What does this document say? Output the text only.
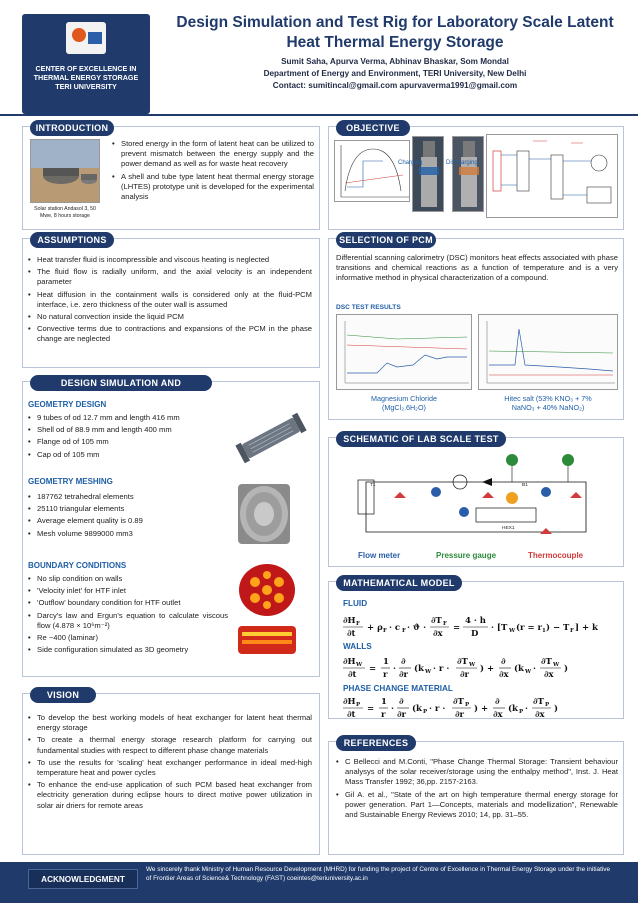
CENTER OF EXCELLENCE IN THERMAL ENERGY STORAGE TERI UNIVERSITY
Design Simulation and Test Rig for Laboratory Scale Latent Heat Thermal Energy Storage
Sumit Saha, Apurva Verma, Abhinav Bhaskar, Som Mondal
Department of Energy and Environment, TERI University, New Delhi
Contact: sumitincal@gmail.com apurvaverma1991@gmail.com
INTRODUCTION
Solar station Andasol 3, 50 Mwe, 8 hours storage
• Stored energy in the form of latent heat can be utilized to prevent mismatch between the energy supply and the power demand as well as for waste heat recovery
• A shell and tube type latent heat thermal energy storage (LHTES) prototype unit is developed for the experimental analysis
OBJECTIVE
Charging	Discharging
ASSUMPTIONS
• Heat transfer fluid is incompressible and viscous heating is neglected
• The fluid flow is radially uniform, and the axial velocity is an independent parameter
• Heat diffusion in the containment walls is considered only at the fluid-PCM interface, i.e. zero thickness of the outer wall is assumed
• No natural convection inside the liquid PCM
• Convective terms due to contractions and expansions of the PCM in the phase change are neglected
SELECTION OF PCM
Differential scanning calorimetry (DSC) monitors heat effects associated with phase transitions and chemical reactions as a function of temperature and is a very informative method in physical characterization of a compound.
DSC TEST RESULTS
Magnesium Chloride
(MgCl₂.6H₂O)
Hitec salt (53% KNO₃ + 7%
NaNO₃ + 40% NaNO₂)
DESIGN SIMULATION AND PROTOTYPING
GEOMETRY DESIGN
• 9 tubes of od 12.7 mm and length 416 mm
• Shell od of 88.9 mm and length 400 mm
• Flange od of 105 mm
• Cap od of 105 mm
GEOMETRY MESHING
• 187762 tetrahedral elements
• 25110 triangular elements
• Average element quality is 0.89
• Mesh volume 9899000 mm3
BOUNDARY CONDITIONS
• No slip condition on walls
• 'Velocity inlet' for HTF inlet
• 'Outflow' boundary condition for HTF outlet
• Darcy's law and Ergun's equation to calculate viscous flow (4.878 × 10⁶m⁻²)
• Re ~400 (laminar)
• Side configuration simulated as 3D geometry
SCHEMATIC OF LAB SCALE TEST RIG
T1	B1
HEX1
Flow meter	Pressure gauge	Thermocouple
MATHEMATICAL MODEL
FLUID
∂H F
∂t
+ ρ F · c F · ϑ ·
∂T F
∂x
=
4 · h
D
· [T W (r = r 1 ) − T F ] + k
WALLS
∂H W
∂t
=
1
r
·
∂
∂r
(k W · r ·
∂T W
∂r
) +
∂
∂x
(k W ·
∂T W
∂x
)
PHASE CHANGE MATERIAL
∂H P
∂t
=
1
r
·
∂
∂r
(k P · r ·
∂T P
∂r
) +
∂
∂x
(k P ·
∂T P
∂x
)
VISION
• To develop the best working models of heat exchanger for latent heat thermal energy storage
• To create a thermal energy storage research platform for carrying out fundamental studies with respect to different phase change materials
• To use the results for 'scaling' heat exchanger performance in ideal med-high temperature heat and power cycles
• To enhance the end-use application of such PCM based heat exchanger from electricity generation during eclipse hours to direct motive power utilization in solar air driers for remote areas
REFERENCES
• C Bellecci and M.Conti, "Phase Change Thermal Storage: Transient behaviour analysys of the solar receiver/storage using the enthalpy method", Inst. J. Heat Mass Transfer 1992; 36,pp. 2157-2163.
• Gil A. et al., "State of the art on high temperature thermal energy storage for power generation. Part 1—Concepts, materials and modellization", Renewable and Sustainable Energy Reviews 2010; 14, pp. 31–55.
ACKNOWLEDGMENT
We sincerely thank Ministry of Human Resource Development (MHRD) for funding the project of Centre of Excellence in Thermal Energy Storage under the initiative of Frontier Areas of Science& Technology (FAST) coeintes@teriuniversity.ac.in
